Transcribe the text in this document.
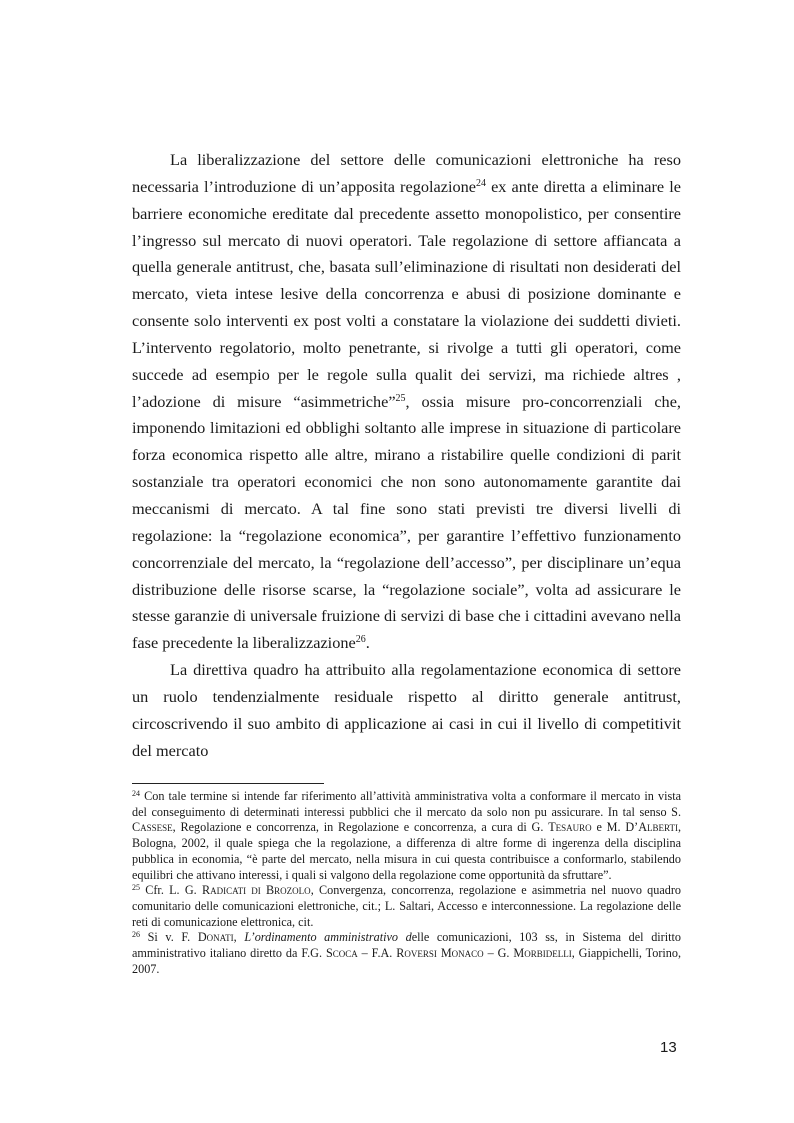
La liberalizzazione del settore delle comunicazioni elettroniche ha reso necessaria l’introduzione di un’apposita regolazione$^{24}$ ex ante diretta a eliminare le barriere economiche ereditate dal precedente assetto monopolistico, per consentire l’ingresso sul mercato di nuovi operatori. Tale regolazione di settore affiancata a quella generale antitrust, che, basata sull’eliminazione di risultati non desiderati del mercato, vieta intese lesive della concorrenza e abusi di posizione dominante e consente solo interventi ex post volti a constatare la violazione dei suddetti divieti. L’intervento regolatorio, molto penetrante, si rivolge a tutti gli operatori, come succede ad esempio per le regole sulla qualit dei servizi, ma richiede altres , l’adozione di misure “asimmetriche”$^{25}$, ossia misure pro-concorrenziali che, imponendo limitazioni ed obblighi soltanto alle imprese in situazione di particolare forza economica rispetto alle altre, mirano a ristabilire quelle condizioni di parit sostanziale tra operatori economici che non sono autonomamente garantite dai meccanismi di mercato. A tal fine sono stati previsti tre diversi livelli di regolazione: la “regolazione economica”, per garantire l’effettivo funzionamento concorrenziale del mercato, la “regolazione dell’accesso”, per disciplinare un’equa distribuzione delle risorse scarse, la “regolazione sociale”, volta ad assicurare le stesse garanzie di universale fruizione di servizi di base che i cittadini avevano nella fase precedente la liberalizzazione$^{26}$.

La direttiva quadro ha attribuito alla regolamentazione economica di settore un ruolo tendenzialmente residuale rispetto al diritto generale antitrust, circoscrivendo il suo ambito di applicazione ai casi in cui il livello di competitivit del mercato

$^{24}$ Con tale termine si intende far riferimento all’attività amministrativa volta a conformare il mercato in vista del conseguimento di determinati interessi pubblici che il mercato da solo non pu assicurare. In tal senso S. Cassese, Regolazione e concorrenza, in Regolazione e concorrenza, a cura di G. Tesauro e M. D’Alberti, Bologna, 2002, il quale spiega che la regolazione, a differenza di altre forme di ingerenza della disciplina pubblica in economia, “è parte del mercato, nella misura in cui questa contribuisce a conformarlo, stabilendo equilibri che attivano interessi, i quali si valgono della regolazione come opportunità da sfruttare”.

$^{25}$ Cfr. L. G. Radicati di Brozolo, Convergenza, concorrenza, regolazione e asimmetria nel nuovo quadro comunitario delle comunicazioni elettroniche, cit.; L. Saltari, Accesso e interconnessione. La regolazione delle reti di comunicazione elettronica, cit.

$^{26}$ Si v. F. Donati, L’ordinamento amministrativo delle comunicazioni, 103 ss, in Sistema del diritto amministrativo italiano diretto da F.G. Scoca – F.A. Roversi Monaco – G. Morbidelli, Giappichelli, Torino, 2007.

13
